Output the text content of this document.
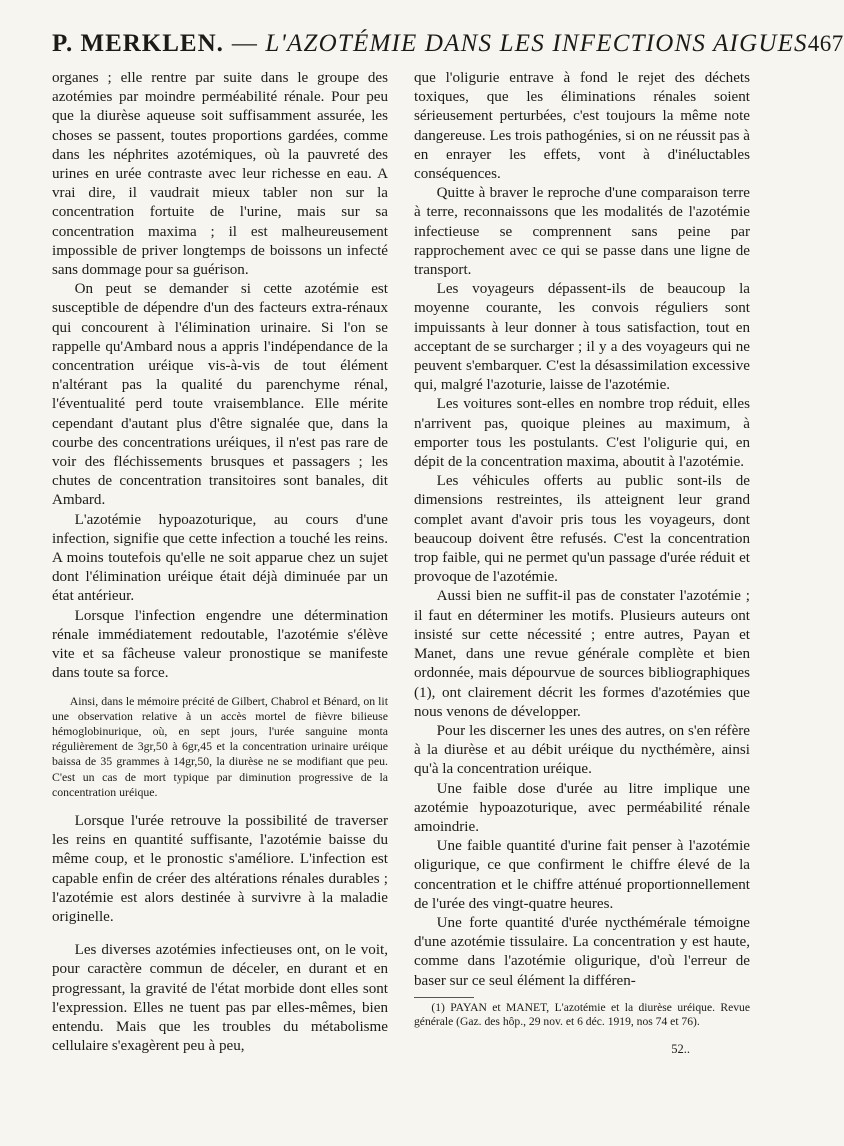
P. MERKLEN. — L'AZOTÉMIE DANS LES INFECTIONS AIGUES 467

organes ; elle rentre par suite dans le groupe des azotémies par moindre perméabilité rénale. Pour peu que la diurèse aqueuse soit suffisamment assurée, les choses se passent, toutes proportions gardées, comme dans les néphrites azotémiques, où la pauvreté des urines en urée contraste avec leur richesse en eau. A vrai dire, il vaudrait mieux tabler non sur la concentration fortuite de l'urine, mais sur sa concentration maxima ; il est malheureusement impossible de priver longtemps de boissons un infecté sans dommage pour sa guérison.

On peut se demander si cette azotémie est susceptible de dépendre d'un des facteurs extra-rénaux qui concourent à l'élimination urinaire. Si l'on se rappelle qu'Ambard nous a appris l'indépendance de la concentration uréique vis-à-vis de tout élément n'altérant pas la qualité du parenchyme rénal, l'éventualité perd toute vraisemblance. Elle mérite cependant d'autant plus d'être signalée que, dans la courbe des concentrations uréiques, il n'est pas rare de voir des fléchissements brusques et passagers ; les chutes de concentration transitoires sont banales, dit Ambard.

L'azotémie hypoazoturique, au cours d'une infection, signifie que cette infection a touché les reins. A moins toutefois qu'elle ne soit apparue chez un sujet dont l'élimination uréique était déjà diminuée par un état antérieur.

Lorsque l'infection engendre une détermination rénale immédiatement redoutable, l'azotémie s'élève vite et sa fâcheuse valeur pronostique se manifeste dans toute sa force.

Ainsi, dans le mémoire précité de Gilbert, Chabrol et Bénard, on lit une observation relative à un accès mortel de fièvre bilieuse hémoglobinurique, où, en sept jours, l'urée sanguine monta régulièrement de 3gr,50 à 6gr,45 et la concentration urinaire uréique baissa de 35 grammes à 14gr,50, la diurèse ne se modifiant que peu. C'est un cas de mort typique par diminution progressive de la concentration uréique.

Lorsque l'urée retrouve la possibilité de traverser les reins en quantité suffisante, l'azotémie baisse du même coup, et le pronostic s'améliore. L'infection est capable enfin de créer des altérations rénales durables ; l'azotémie est alors destinée à survivre à la maladie originelle.

Les diverses azotémies infectieuses ont, on le voit, pour caractère commun de déceler, en durant et en progressant, la gravité de l'état morbide dont elles sont l'expression. Elles ne tuent pas par elles-mêmes, bien entendu. Mais que les troubles du métabolisme cellulaire s'exagèrent peu à peu,

que l'oligurie entrave à fond le rejet des déchets toxiques, que les éliminations rénales soient sérieusement perturbées, c'est toujours la même note dangereuse. Les trois pathogénies, si on ne réussit pas à en enrayer les effets, vont à d'inéluctables conséquences.

Quitte à braver le reproche d'une comparaison terre à terre, reconnaissons que les modalités de l'azotémie infectieuse se comprennent sans peine par rapprochement avec ce qui se passe dans une ligne de transport.

Les voyageurs dépassent-ils de beaucoup la moyenne courante, les convois réguliers sont impuissants à leur donner à tous satisfaction, tout en acceptant de se surcharger ; il y a des voyageurs qui ne peuvent s'embarquer. C'est la désassimilation excessive qui, malgré l'azoturie, laisse de l'azotémie.

Les voitures sont-elles en nombre trop réduit, elles n'arrivent pas, quoique pleines au maximum, à emporter tous les postulants. C'est l'oligurie qui, en dépit de la concentration maxima, aboutit à l'azotémie.

Les véhicules offerts au public sont-ils de dimensions restreintes, ils atteignent leur grand complet avant d'avoir pris tous les voyageurs, dont beaucoup doivent être refusés. C'est la concentration trop faible, qui ne permet qu'un passage d'urée réduit et provoque de l'azotémie.

Aussi bien ne suffit-il pas de constater l'azotémie ; il faut en déterminer les motifs. Plusieurs auteurs ont insisté sur cette nécessité ; entre autres, Payan et Manet, dans une revue générale complète et bien ordonnée, mais dépourvue de sources bibliographiques (1), ont clairement décrit les formes d'azotémies que nous venons de développer.

Pour les discerner les unes des autres, on s'en réfère à la diurèse et au débit uréique du nycthémère, ainsi qu'à la concentration uréique.

Une faible dose d'urée au litre implique une azotémie hypoazoturique, avec perméabilité rénale amoindrie.

Une faible quantité d'urine fait penser à l'azotémie oligurique, ce que confirment le chiffre élevé de la concentration et le chiffre atténué proportionnellement de l'urée des vingt-quatre heures.

Une forte quantité d'urée nycthémérale témoigne d'une azotémie tissulaire. La concentration y est haute, comme dans l'azotémie oligurique, d'où l'erreur de baser sur ce seul élément la différen-

(1) PAYAN et MANET, L'azotémie et la diurèse uréique. Revue générale (Gaz. des hôp., 29 nov. et 6 déc. 1919, nos 74 et 76).

52..
